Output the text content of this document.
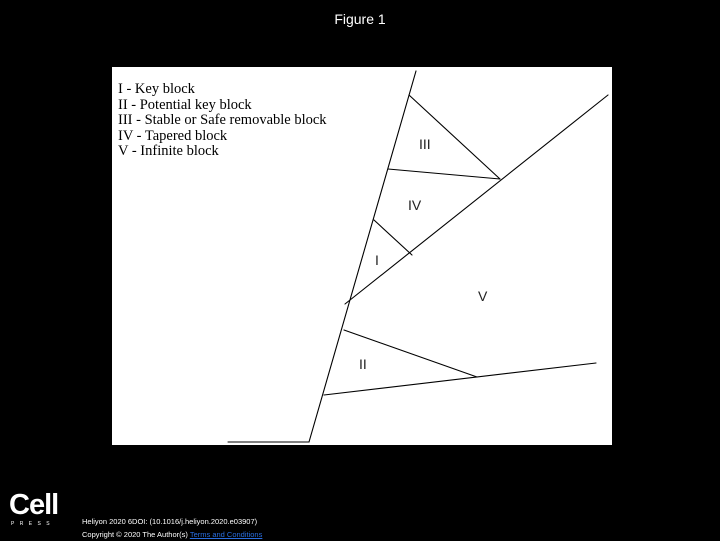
Figure 1
I - Key block
II - Potential key block
III - Stable or Safe removable block
IV - Tapered block
V - Infinite block	III
IV
I
V
II
Cell
PRESS	Heliyon 2020 6DOI: (10.1016/j.heliyon.2020.e03907)
Copyright © 2020 The Author(s) Terms and Conditions
